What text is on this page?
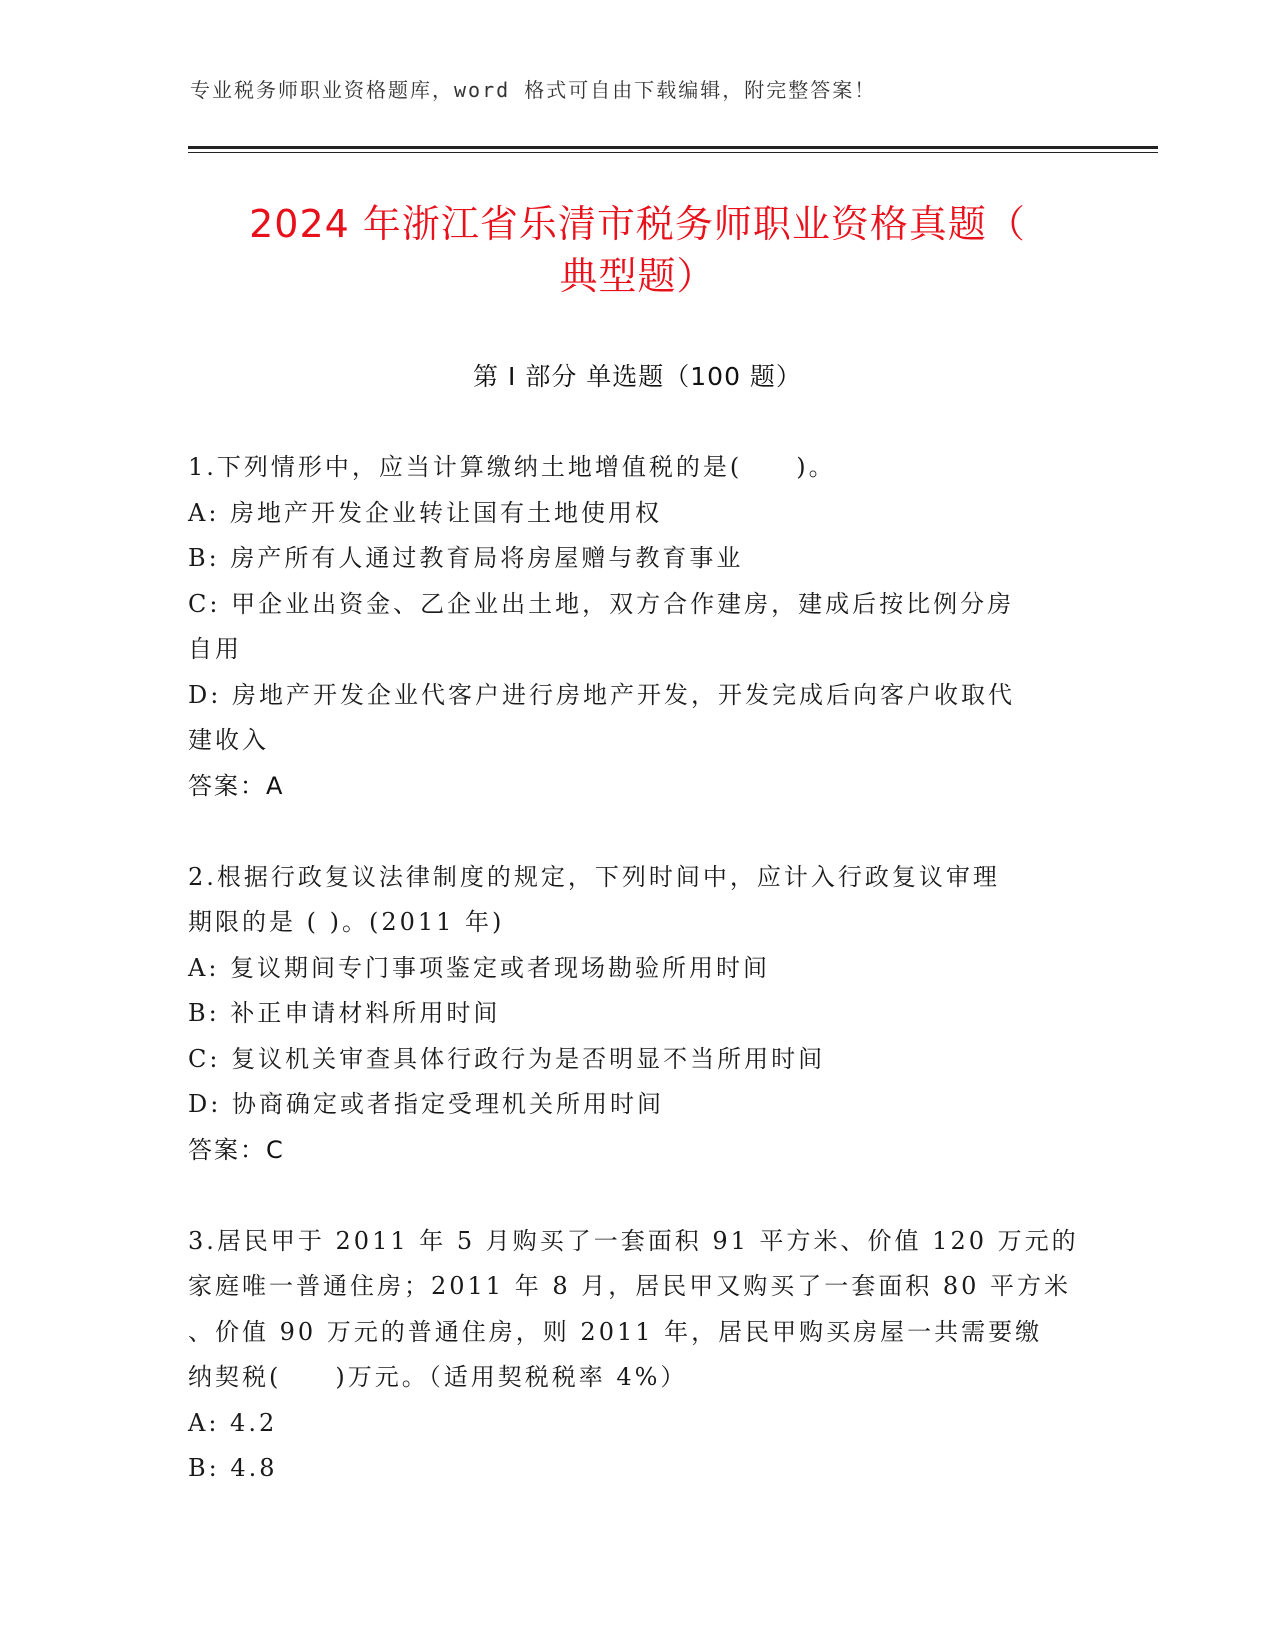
专业税务师职业资格题库，word 格式可自由下载编辑，附完整答案！
2024 年浙江省乐清市税务师职业资格真题（
典型题）
第 I 部分 单选题（100 题）
1.下列情形中，应当计算缴纳土地增值税的是(　　)。
A: 房地产开发企业转让国有土地使用权
B: 房产所有人通过教育局将房屋赠与教育事业
C: 甲企业出资金、乙企业出土地，双方合作建房，建成后按比例分房
自用
D: 房地产开发企业代客户进行房地产开发，开发完成后向客户收取代
建收入
答案：A
2.根据行政复议法律制度的规定，下列时间中，应计入行政复议审理
期限的是 ( )。(2011 年)
A: 复议期间专门事项鉴定或者现场勘验所用时间
B: 补正申请材料所用时间
C: 复议机关审查具体行政行为是否明显不当所用时间
D: 协商确定或者指定受理机关所用时间
答案：C
3.居民甲于 2011 年 5 月购买了一套面积 91 平方米、价值 120 万元的
家庭唯一普通住房；2011 年 8 月，居民甲又购买了一套面积 80 平方米
、价值 90 万元的普通住房，则 2011 年，居民甲购买房屋一共需要缴
纳契税(　　)万元。（适用契税税率 4%）
A: 4.2
B: 4.8
